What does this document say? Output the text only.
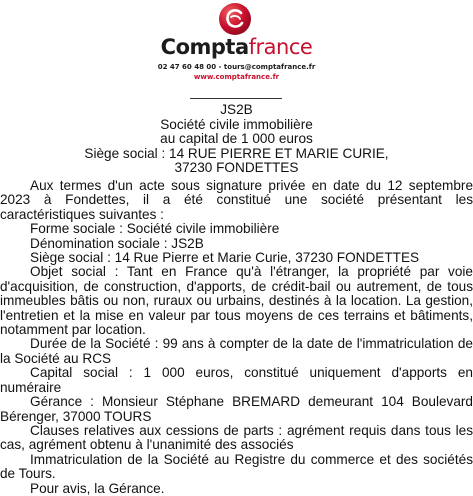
Comptafrance
02 47 60 48 00 - tours@comptafrance.fr
www.comptafrance.fr
JS2B
Société civile immobilière
au capital de 1 000 euros
Siège social : 14 RUE PIERRE ET MARIE CURIE,
37230 FONDETTES

Aux termes d'un acte sous signature privée en date du 12 septembre 2023 à Fondettes, il a été constitué une société présentant les caractéristiques suivantes :

Forme sociale : Société civile immobilière

Dénomination sociale : JS2B

Siège social : 14 Rue Pierre et Marie Curie, 37230 FONDETTES

Objet social : Tant en France qu'à l'étranger, la propriété par voie d'acquisition, de construction, d'apports, de crédit-bail ou autrement, de tous immeubles bâtis ou non, ruraux ou urbains, destinés à la location. La gestion, l'entretien et la mise en valeur par tous moyens de ces terrains et bâtiments, notamment par location.

Durée de la Société : 99 ans à compter de la date de l'immatriculation de la Société au RCS

Capital social : 1 000 euros, constitué uniquement d'apports en numéraire

Gérance : Monsieur Stéphane BREMARD demeurant 104 Boulevard Bérenger, 37000 TOURS

Clauses relatives aux cessions de parts : agrément requis dans tous les cas, agrément obtenu à l'unanimité des associés

Immatriculation de la Société au Registre du commerce et des sociétés de Tours.

Pour avis, la Gérance.
